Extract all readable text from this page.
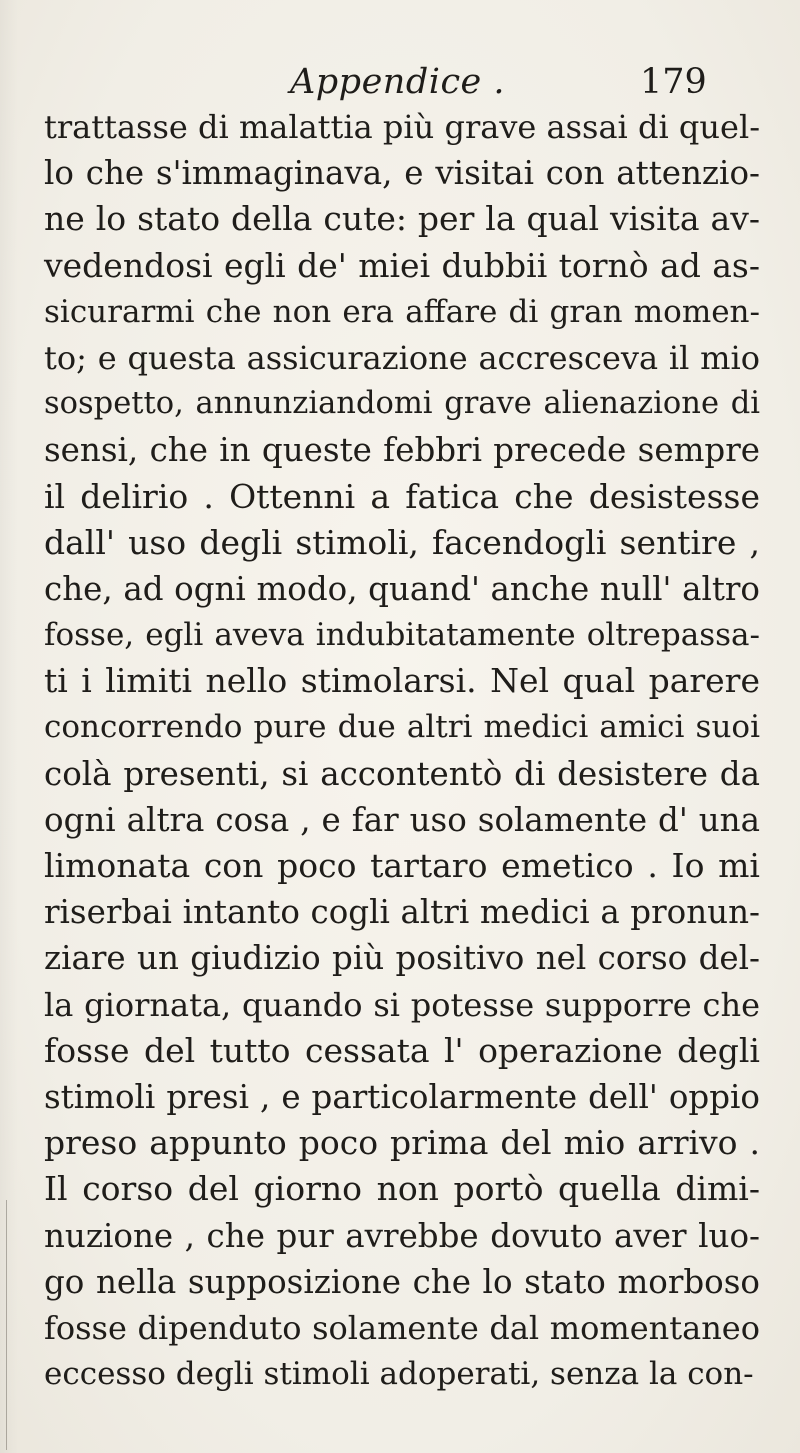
Appendice .	179
trattasse di malattia più grave assai di quel-
lo che s'immaginava, e visitai con attenzio-
ne lo stato della cute: per la qual visita av-
vedendosi egli de' miei dubbii tornò ad as-
sicurarmi che non era affare di gran momen-
to; e questa assicurazione accresceva il mio
sospetto, annunziandomi grave alienazione di
sensi, che in queste febbri precede sempre
il delirio . Ottenni a fatica che desistesse
dall' uso degli stimoli, facendogli sentire ,
che, ad ogni modo, quand' anche null' altro
fosse, egli aveva indubitatamente oltrepassa-
ti i limiti nello stimolarsi. Nel qual parere
concorrendo pure due altri medici amici suoi
colà presenti, si accontentò di desistere da
ogni altra cosa , e far uso solamente d' una
limonata con poco tartaro emetico . Io mi
riserbai intanto cogli altri medici a pronun-
ziare un giudizio più positivo nel corso del-
la giornata, quando si potesse supporre che
fosse del tutto cessata l' operazione degli
stimoli presi , e particolarmente dell' oppio
preso appunto poco prima del mio arrivo .
Il corso del giorno non portò quella dimi-
nuzione , che pur avrebbe dovuto aver luo-
go nella supposizione che lo stato morboso
fosse dipenduto solamente dal momentaneo
eccesso degli stimoli adoperati, senza la con-
